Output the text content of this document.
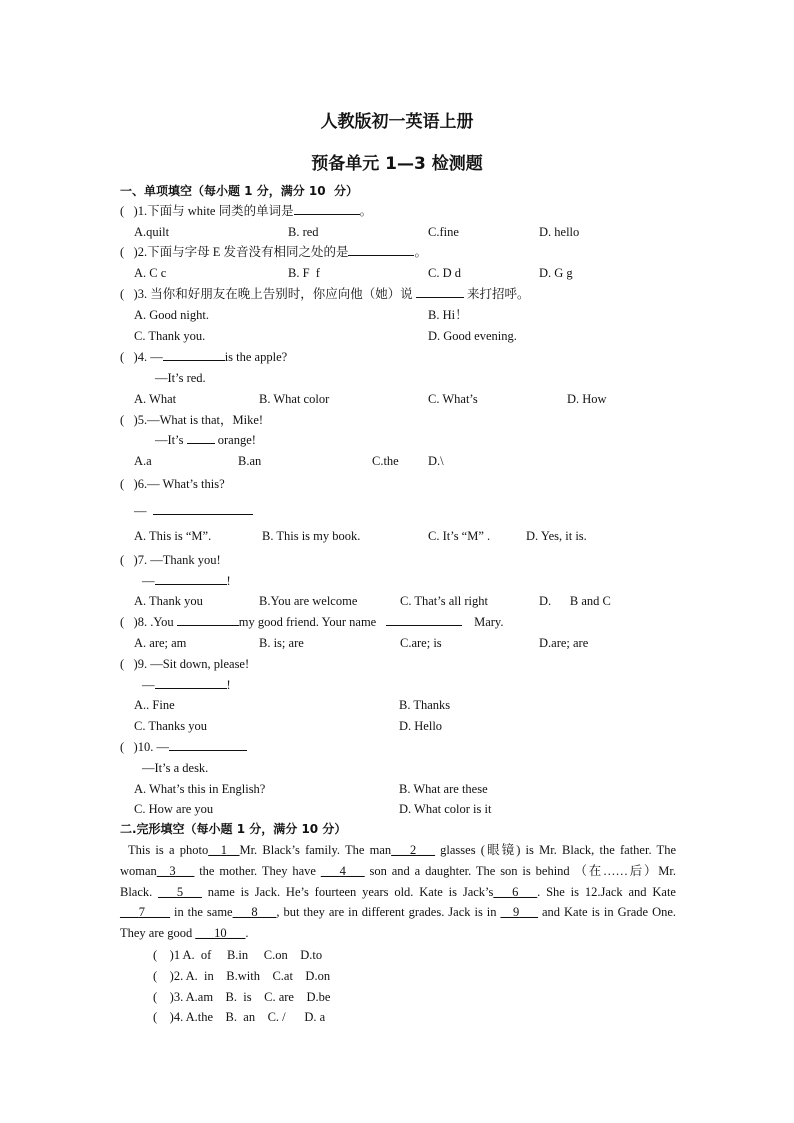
人教版初一英语上册
预备单元 1—3 检测题
一、单项填空（每小题 1 分，满分 10  分）
(   )1.下面与 white 同类的单词是	。
A.quilt	B. red	C.fine	D. hello
(   )2.下面与字母 E 发音没有相同之处的是	。
A. C c	B. F  f	C. D d	D. G g
(   )3. 当你和好朋友在晚上告别时，你应向他（她）说	来打招呼。
A. Good night.	B. Hi！
C. Thank you.	D. Good evening.
(   )4. —	is the apple?
—It’s red.
A. What	B. What color	C. What’s	D. How
(   )5.—What is that，Mike!
—It’s	orange!
A.a	B.an	C.the D.\
(   )6.— What’s this?
—
A. This is “M”.	B. This is my book.	C. It’s “M” .	D. Yes, it is.
(   )7. —Thank you!
—	!
A. Thank you	B.You are welcome	C. That’s all right	D.      B and C
(   )8. .You	my good friend. Your name	Mary.
A. are; am	B. is; are	C.are; is	D.are; are
(   )9. —Sit down, please!
—	!
A.. Fine	B. Thanks
C. Thanks you	D. Hello
(   )10. —
—It’s a desk.
A. What’s this in English?	B. What are these
C. How are you	D. What color is it
二.完形填空（每小题 1 分，满分 10 分）
This is a photo__1__Mr. Black’s family. The man___2___ glasses (眼镜) is Mr. Black, the father. The woman__3___ the mother. They have ___4___ son and a daughter. The son is behind （在……后）Mr. Black. ___5___ name is Jack. He’s fourteen years old. Kate is Jack’s___6___. She is 12.Jack and Kate ___7____ in the same___8___, but they are in different grades. Jack is in __9___ and Kate is in Grade One. They are good ___10___.
(    )1 A.  of     B.in     C.on    D.to
(    )2. A.  in    B.with    C.at    D.on
(    )3. A.am    B.  is    C. are    D.be
(    )4. A.the    B.  an    C. /      D. a
